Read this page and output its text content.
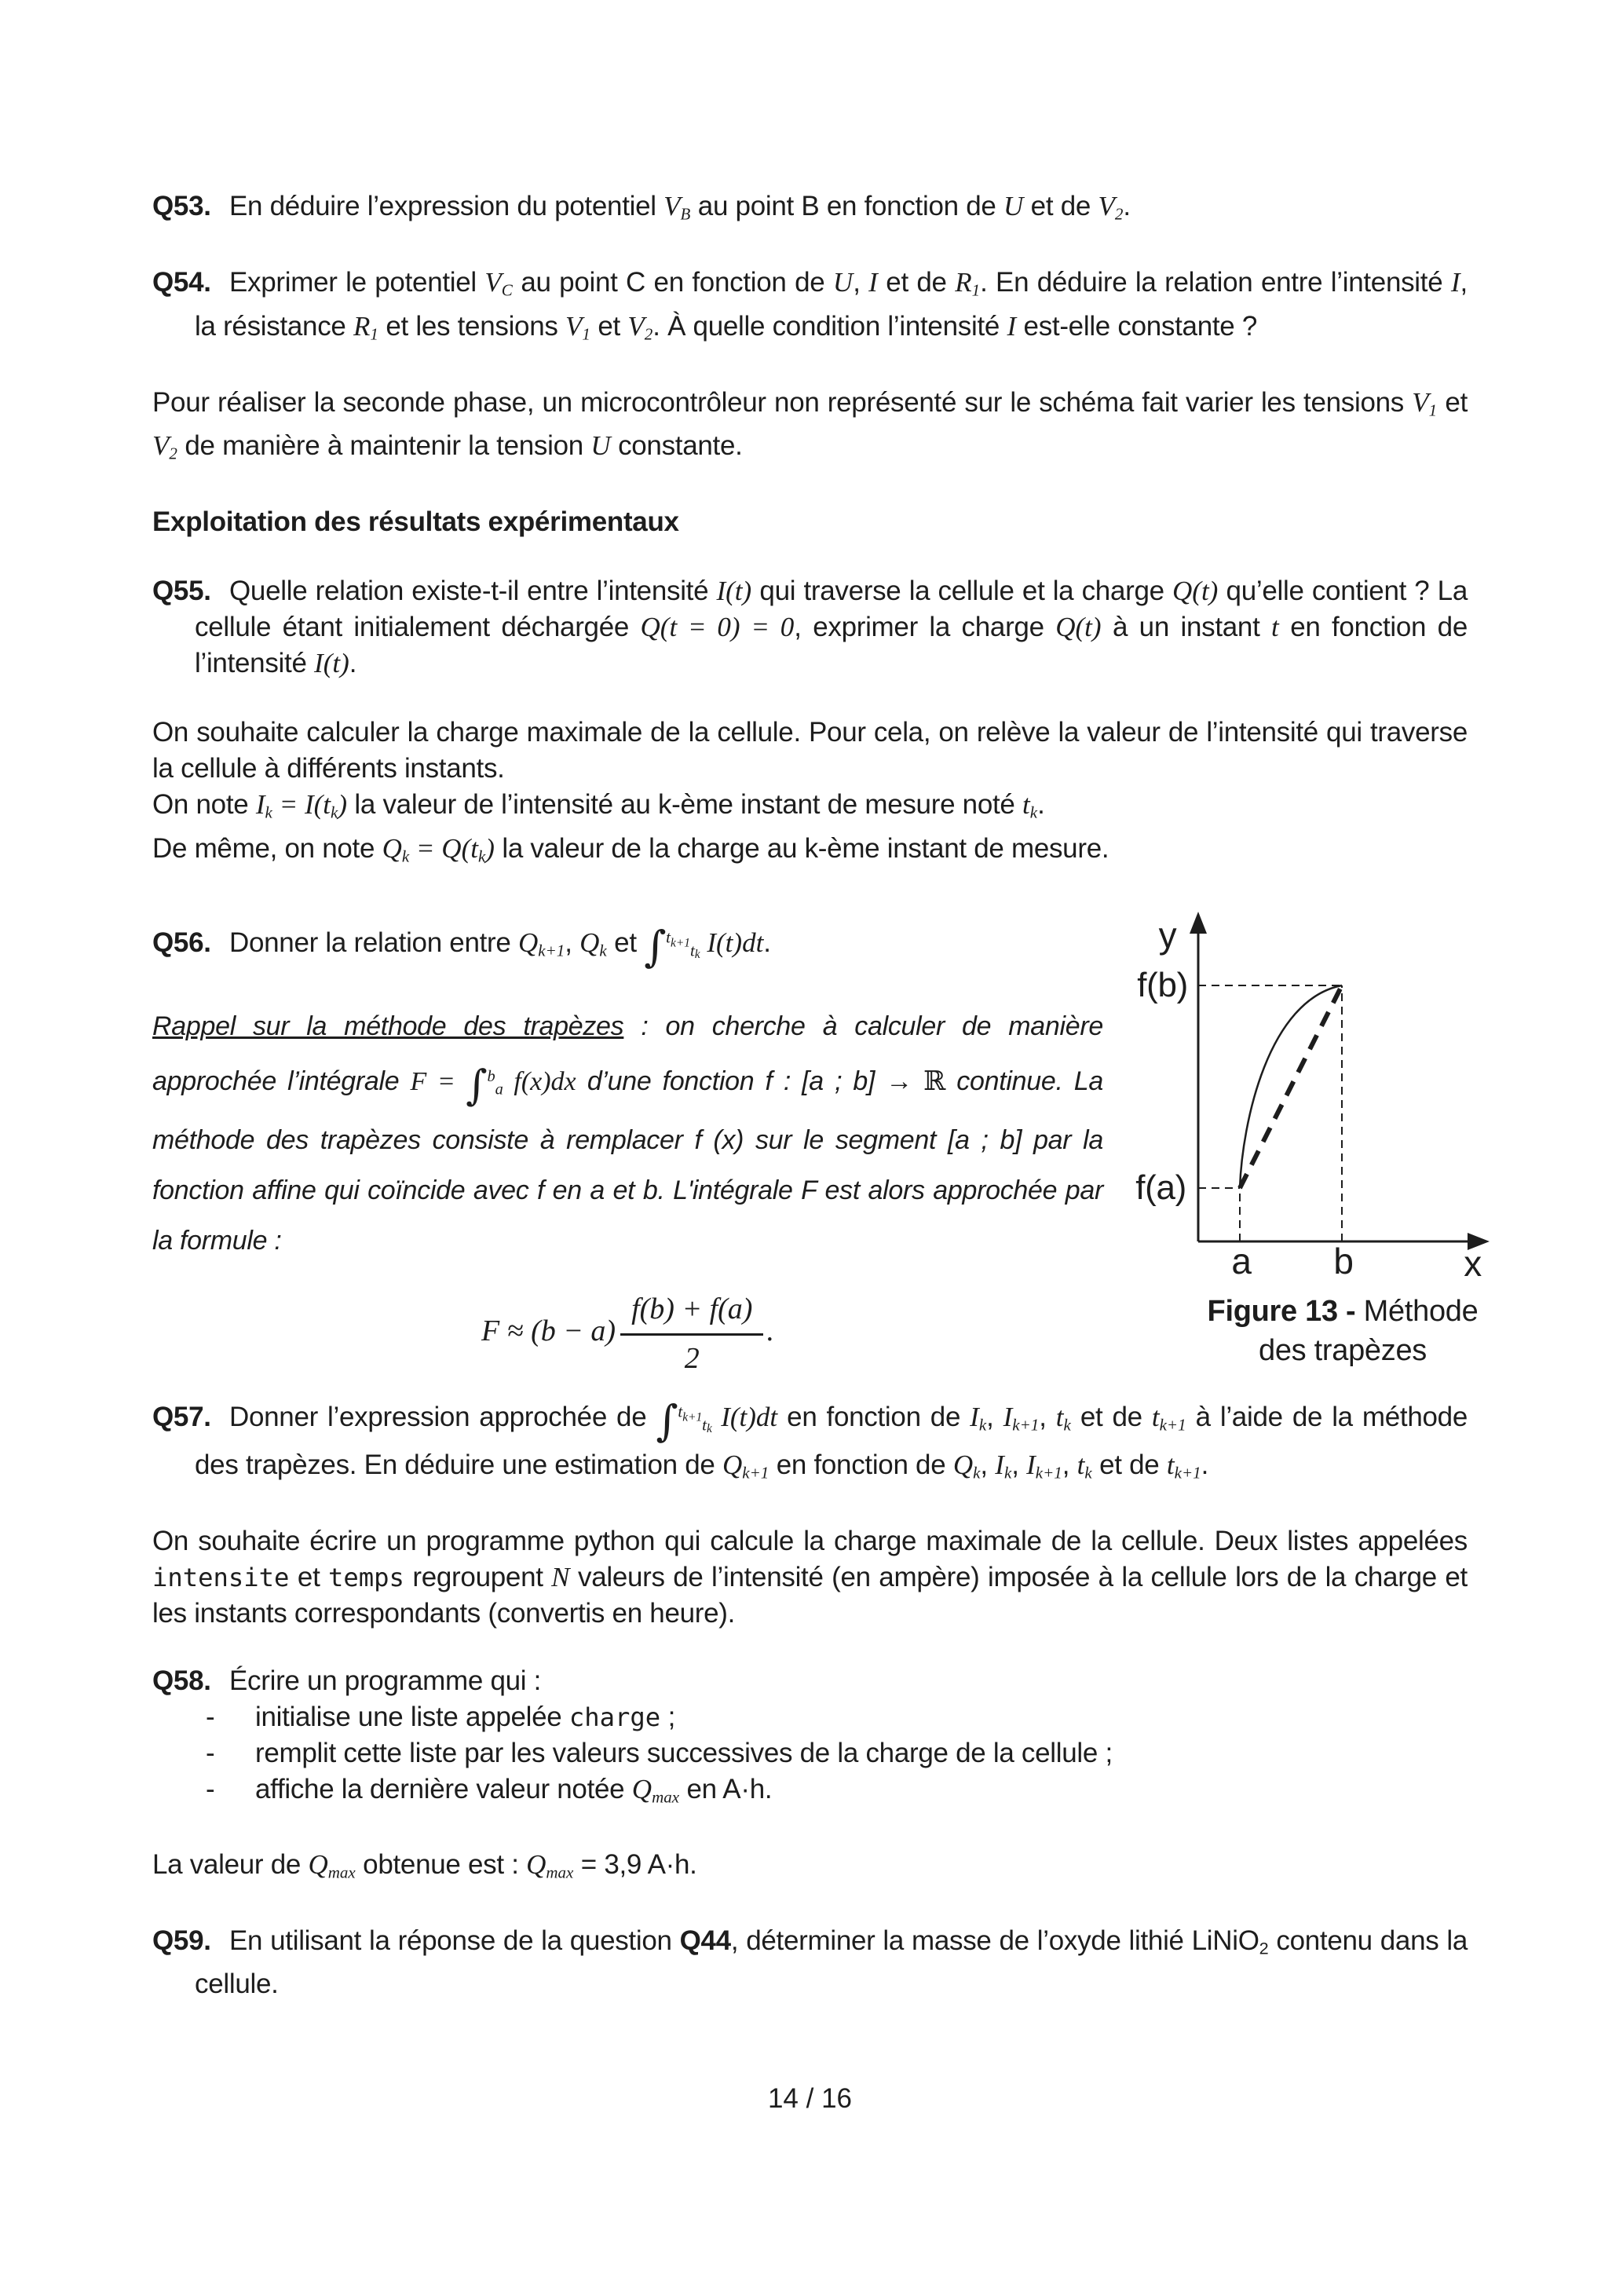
Q53. En déduire l’expression du potentiel VB au point B en fonction de U et de V2.
Q54. Exprimer le potentiel VC au point C en fonction de U, I et de R1. En déduire la relation entre l’intensité I, la résistance R1 et les tensions V1 et V2. À quelle condition l’intensité I est-elle constante ?
Pour réaliser la seconde phase, un microcontrôleur non représenté sur le schéma fait varier les tensions V1 et V2 de manière à maintenir la tension U constante.
Exploitation des résultats expérimentaux
Q55. Quelle relation existe-t-il entre l’intensité I(t) qui traverse la cellule et la charge Q(t) qu’elle contient ? La cellule étant initialement déchargée Q(t = 0) = 0, exprimer la charge Q(t) à un instant t en fonction de l’intensité I(t).
On souhaite calculer la charge maximale de la cellule. Pour cela, on relève la valeur de l’intensité qui traverse la cellule à différents instants.
On note Ik = I(tk) la valeur de l’intensité au k-ème instant de mesure noté tk.
De même, on note Qk = Q(tk) la valeur de la charge au k-ème instant de mesure.
y
f(b)
f(a)
a b	x
Figure 13 - Méthode
des trapèzes
Q56. Donner la relation entre Qk+1, Qk et $\int^tk+1t_k$ I(t)dt.
Rappel sur la méthode des trapèzes : on cherche à calculer de manière approchée l’intégrale F = ∫$^b$a f(x)dx d’une fonction f : [a ; b] → ℝ continue. La méthode des trapèzes consiste à remplacer f (x) sur le segment [a ; b] par la fonction affine qui coïncide avec f en a et b. L'intégrale F est alors approchée par la formule :
$F \approx (b - a) \frac{f(b) + f(a)}{2}$ .
Q57. Donner l’expression approchée de $\int^tk+1t_k$ I(t)dt en fonction de Ik, Ik+1, tk et de tk+1 à l’aide de la méthode des trapèzes. En déduire une estimation de Qk+1 en fonction de Qk, Ik, Ik+1, tk et de tk+1.
On souhaite écrire un programme python qui calcule la charge maximale de la cellule. Deux listes appelées intensite et temps regroupent N valeurs de l’intensité (en ampère) imposée à la cellule lors de la charge et les instants correspondants (convertis en heure).
Q58. Écrire un programme qui :
- initialise une liste appelée charge ;
- remplit cette liste par les valeurs successives de la charge de la cellule ;
- affiche la dernière valeur notée Qmax en A·h.
La valeur de Qmax obtenue est : Qmax = 3,9 A·h.
Q59. En utilisant la réponse de la question Q44, déterminer la masse de l’oxyde lithié LiNiO2 contenu dans la cellule.
14 / 16
